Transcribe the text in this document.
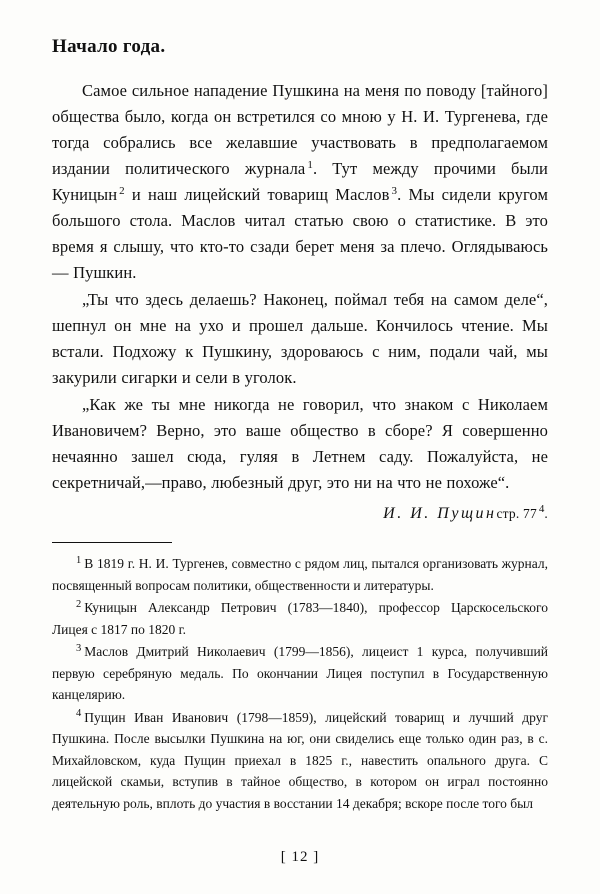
Начало года.

Самое сильное нападение Пушкина на меня по поводу [тайного] общества было, когда он встретился со мною у Н. И. Тургенева, где тогда собрались все желавшие участвовать в предполагаемом издании политического журнала $^1$. Тут между прочими были Куницын $^2$ и наш лицейский товарищ Маслов $^3$. Мы сидели кругом большого стола. Маслов читал статью свою о статистике. В это время я слышу, что кто-то сзади берет меня за плечо. Оглядываюсь — Пушкин.

„Ты что здесь делаешь? Наконец, поймал тебя на самом деле“, шепнул он мне на ухо и прошел дальше. Кончилось чтение. Мы встали. Подхожу к Пушкину, здороваюсь с ним, подали чай, мы закурили сигарки и сели в уголок.

„Как же ты мне никогда не говорил, что знаком с Николаем Ивановичем? Верно, это ваше общество в сборе? Я совершенно нечаянно зашел сюда, гуляя в Летнем саду. Пожалуйста, не секретничай,—право, любезный друг, это ни на что не похоже“.

И. И. Пущинстр. 77 $^4$.

$^1$ В 1819 г. Н. И. Тургенев, совместно с рядом лиц, пытался организовать журнал, посвященный вопросам политики, общественности и литературы.

$^2$ Куницын Александр Петрович (1783—1840), профессор Царскосельского Лицея с 1817 по 1820 г.

$^3$ Маслов Дмитрий Николаевич (1799—1856), лицеист 1 курса, получивший первую серебряную медаль. По окончании Лицея поступил в Государственную канцелярию.

$^4$ Пущин Иван Иванович (1798—1859), лицейский товарищ и лучший друг Пушкина. После высылки Пушкина на юг, они свиделись еще только один раз, в с. Михайловском, куда Пущин приехал в 1825 г., навестить опального друга. С лицейской скамьи, вступив в тайное общество, в котором он играл постоянно деятельную роль, вплоть до участия в восстании 14 декабря; вскоре после того был

[ 12 ]
